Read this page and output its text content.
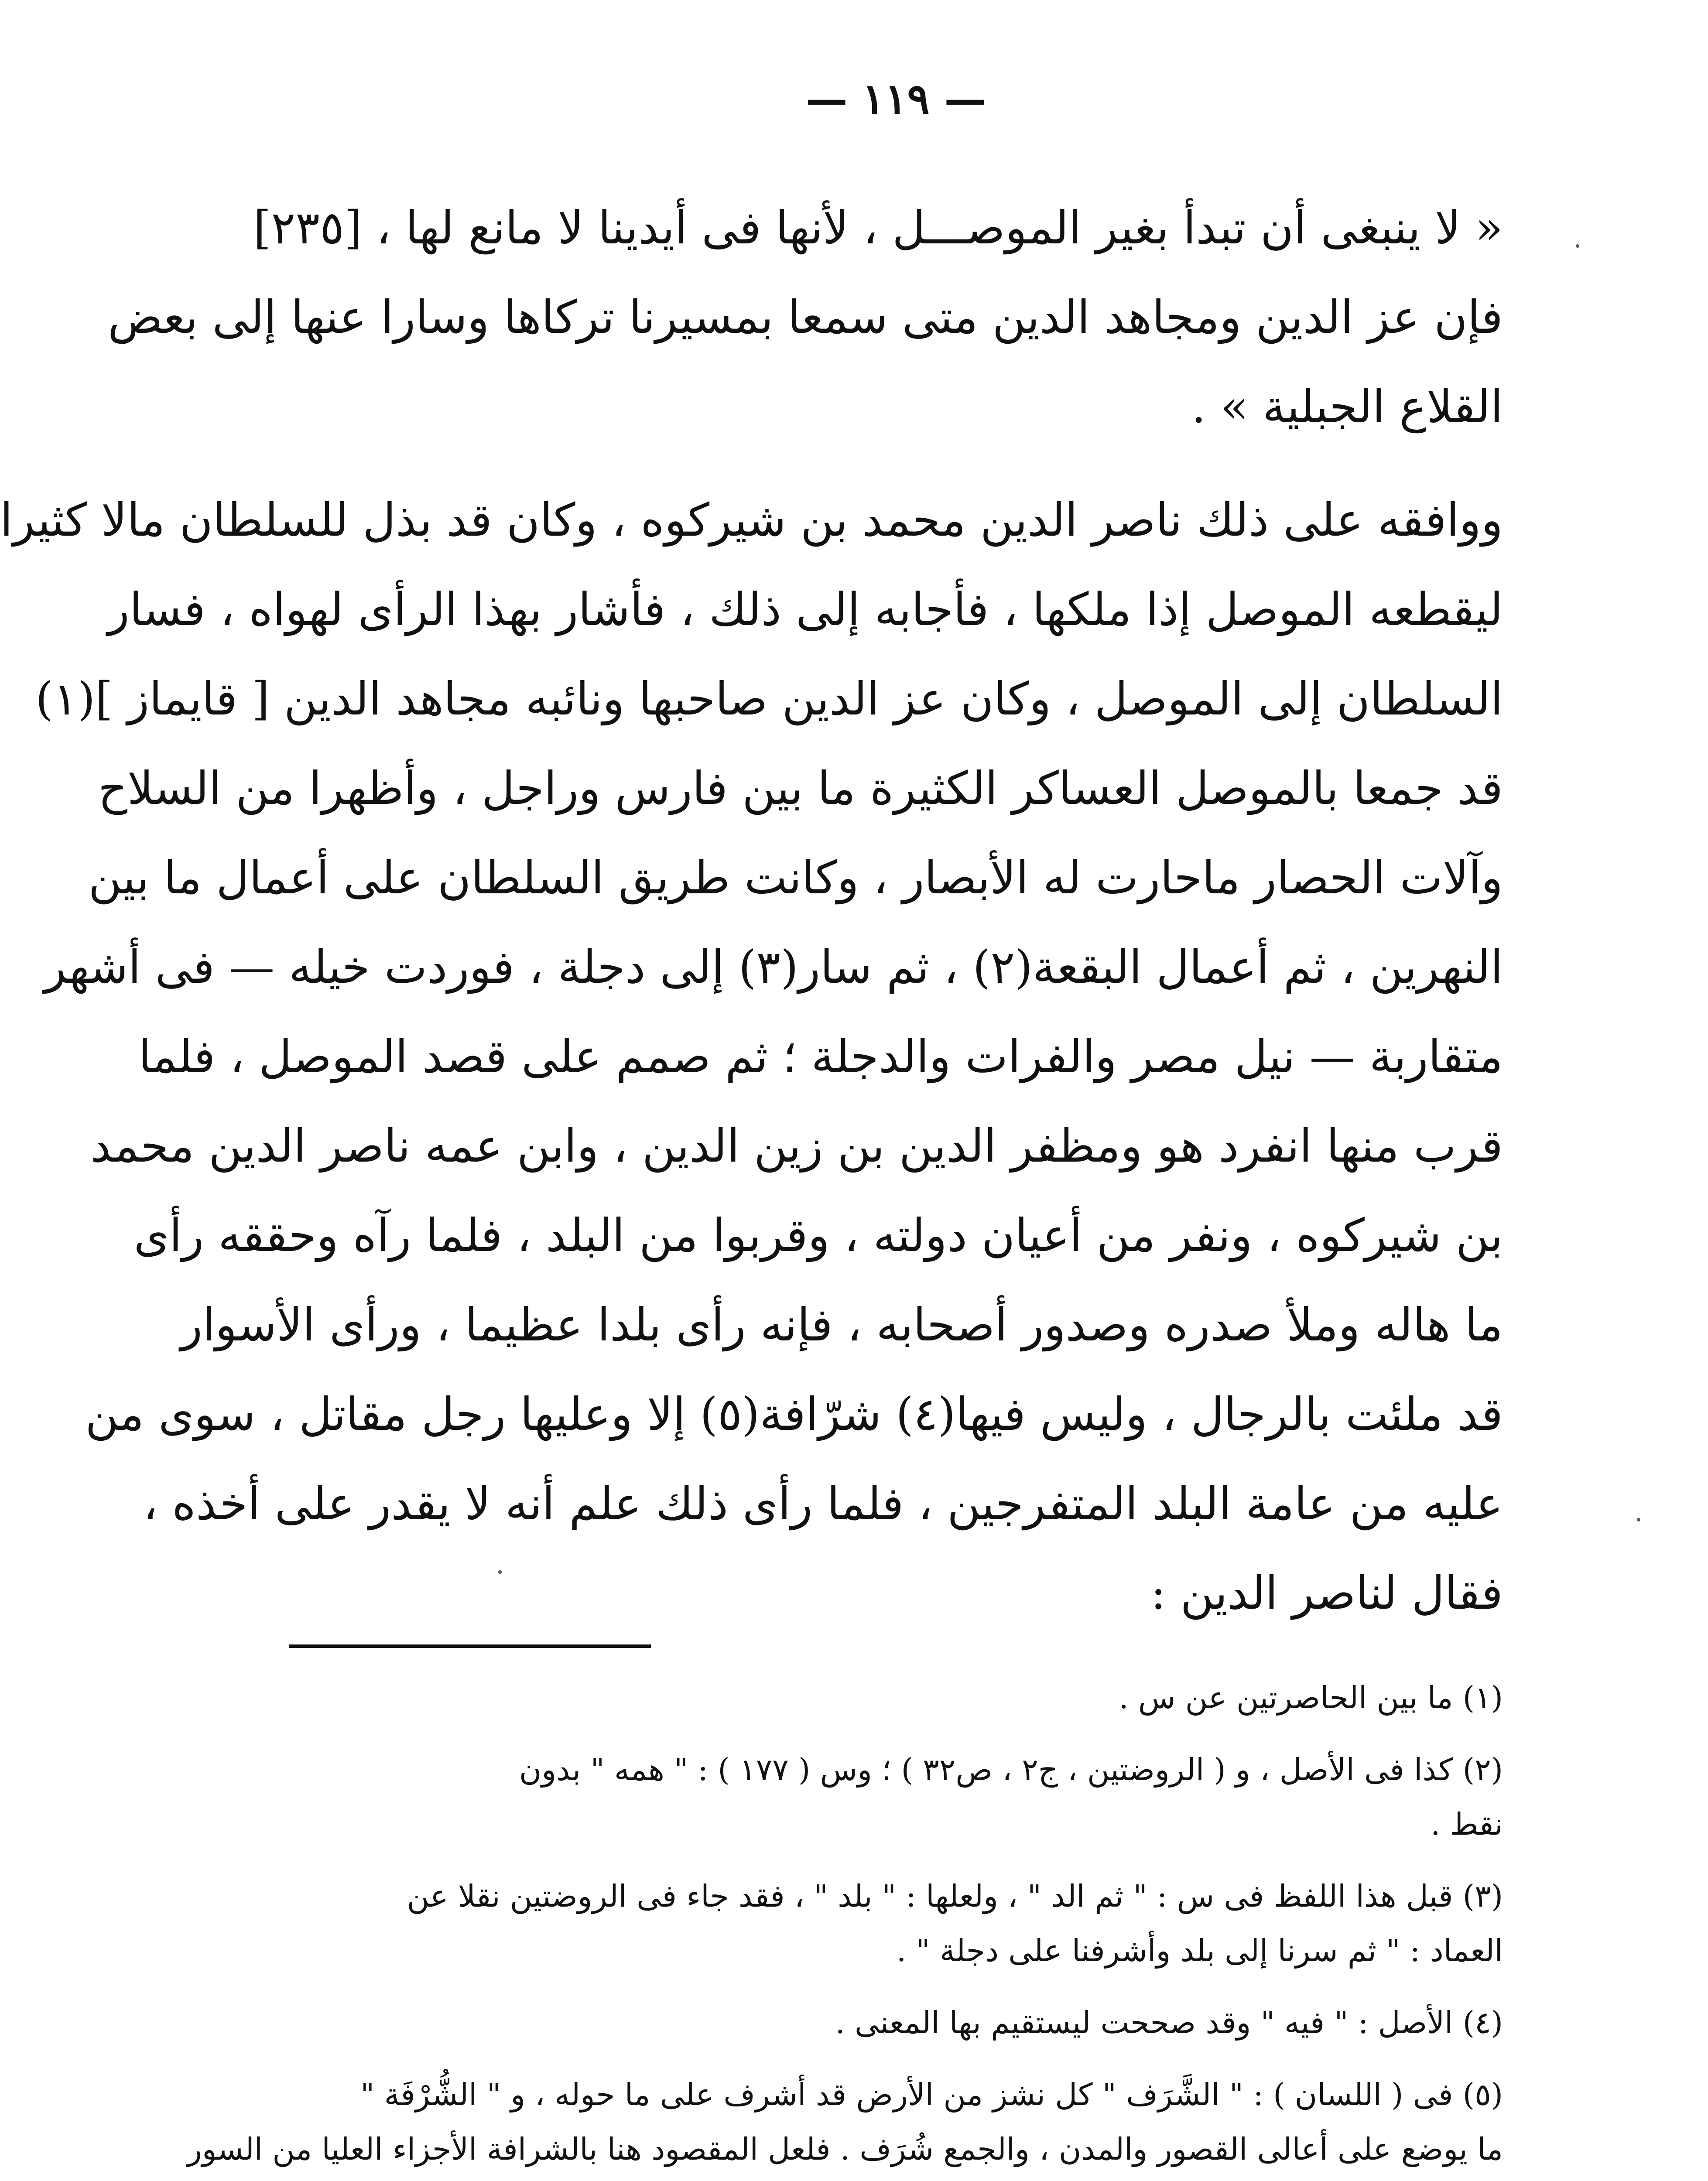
— ١١٩ —
« لا ينبغى أن تبدأ بغير الموصـــل ، لأنها فى أيدينا لا مانع لها ، [٢٣٥]
فإن عز الدين ومجاهد الدين متى سمعا بمسيرنا تركاها وسارا عنها إلى بعض
القلاع الجبلية » .
ووافقه على ذلك ناصر الدين محمد بن شيركوه ، وكان قد بذل للسلطان مالا كثيرا
ليقطعه الموصل إذا ملكها ، فأجابه إلى ذلك ، فأشار بهذا الرأى لهواه ، فسار
السلطان إلى الموصل ، وكان عز الدين صاحبها ونائبه مجاهد الدين [ قايماز ](١)
قد جمعا بالموصل العساكر الكثيرة ما بين فارس وراجل ، وأظهرا من السلاح
وآلات الحصار ماحارت له الأبصار ، وكانت طريق السلطان على أعمال ما بين
النهرين ، ثم أعمال البقعة(٢) ، ثم سار(٣) إلى دجلة ، فوردت خيله — فى أشهر
متقاربة — نيل مصر والفرات والدجلة ؛ ثم صمم على قصد الموصل ، فلما
قرب منها انفرد هو ومظفر الدين بن زين الدين ، وابن عمه ناصر الدين محمد
بن شيركوه ، ونفر من أعيان دولته ، وقربوا من البلد ، فلما رآه وحققه رأى
ما هاله وملأ صدره وصدور أصحابه ، فإنه رأى بلدا عظيما ، ورأى الأسوار
قد ملئت بالرجال ، وليس فيها(٤) شرّافة(٥) إلا وعليها رجل مقاتل ، سوى من
عليه من عامة البلد المتفرجين ، فلما رأى ذلك علم أنه لا يقدر على أخذه ،
فقال لناصر الدين :
(١) ما بين الحاصرتين عن س .
(٢) كذا فى الأصل ، و ( الروضتين ، ج٢ ، ص٣٢ ) ؛ وس ( ١٧٧ ) : " همه " بدون
نقط .
(٣) قبل هذا اللفظ فى س : " ثم الد " ، ولعلها : " بلد " ، فقد جاء فى الروضتين نقلا عن
العماد : " ثم سرنا إلى بلد وأشرفنا على دجلة " .
(٤) الأصل : " فيه " وقد صححت ليستقيم بها المعنى .
(٥) فى ( اللسان ) : " الشَّرَف " كل نشز من الأرض قد أشرف على ما حوله ، و " الشُّرْفَة "
ما يوضع على أعالى القصور والمدن ، والجمع شُرَف . فلعل المقصود هنا بالشرافة الأجزاء العليا من السور
